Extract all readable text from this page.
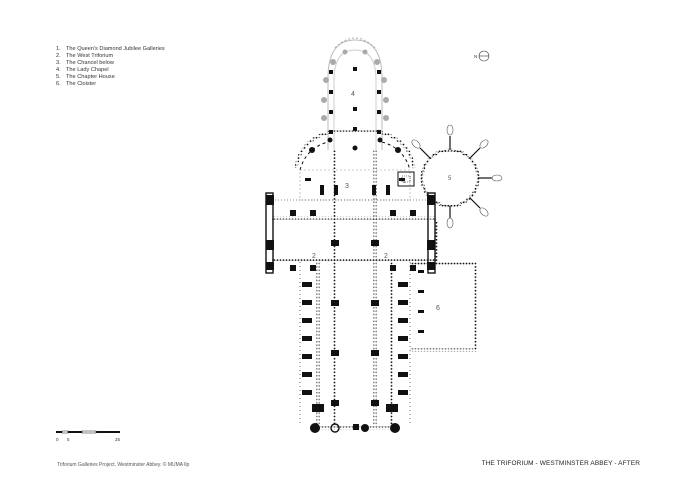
1. The Queen's Diamond Jubilee Galleries
2. The West Triforium
3. The Chancel below
4. The Lady Chapel
5. The Chapter House
6. The Cloister
5
3
4
2	2
6
1
N
0 5	25
Triforium Galleries Project, Westminster Abbey. © MUMA llp	THE TRIFORIUM - WESTMINSTER ABBEY - AFTER
